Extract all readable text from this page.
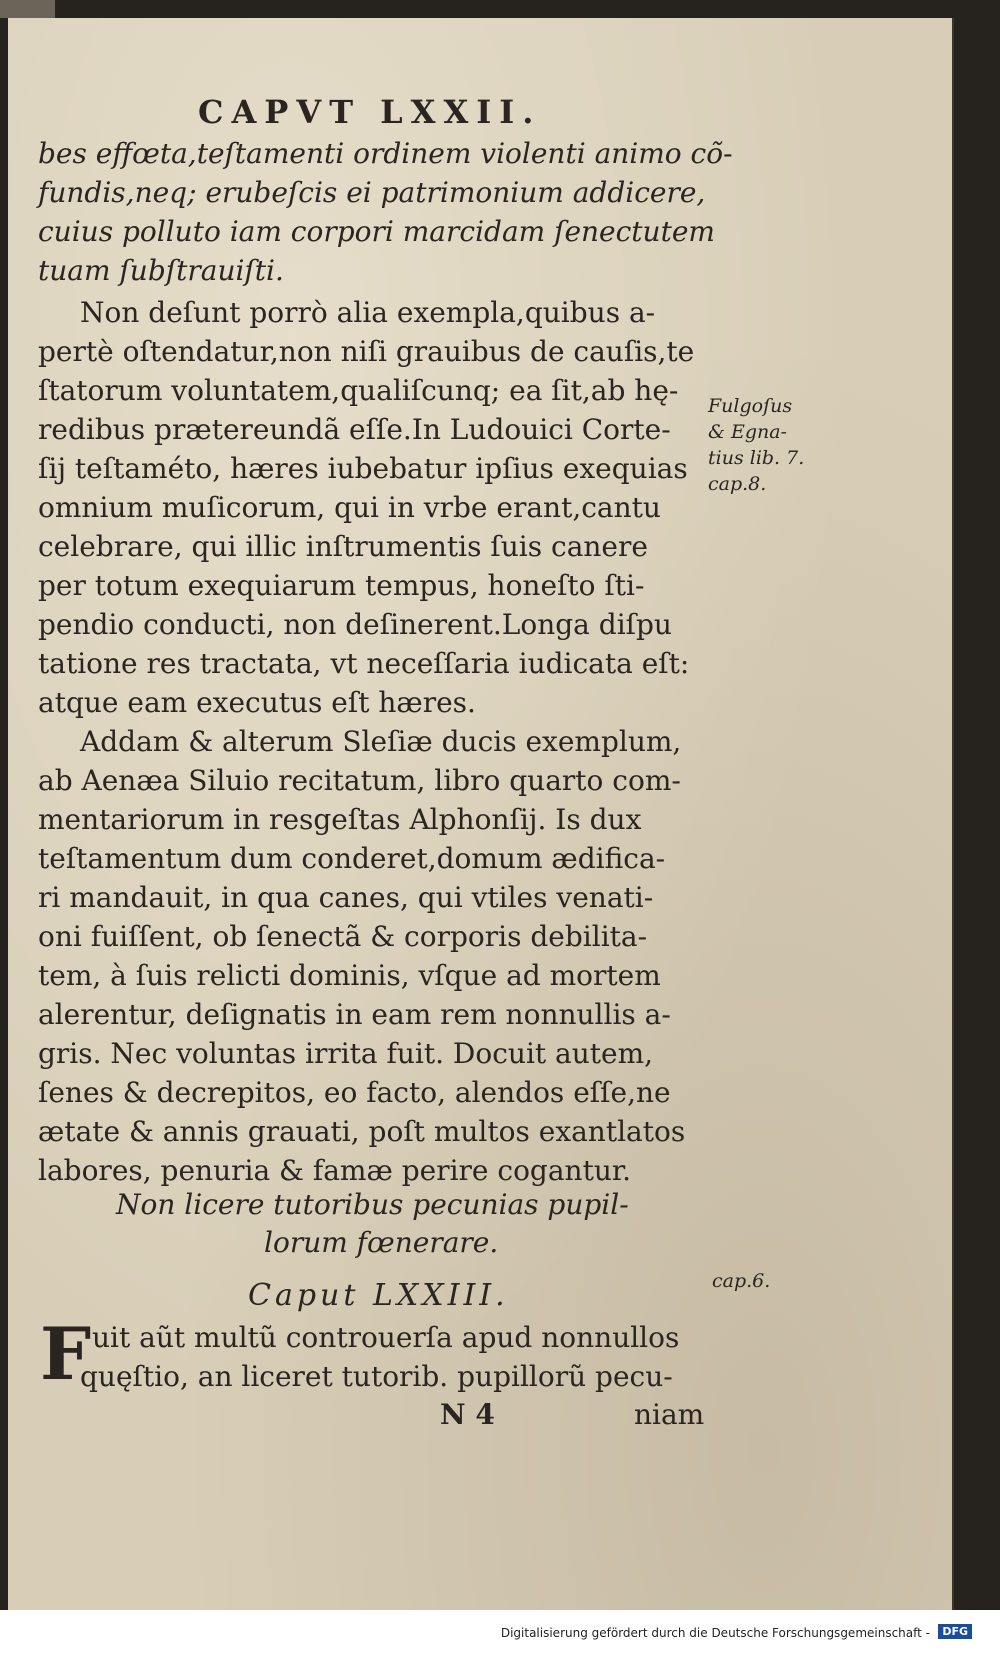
CAPVT LXXII.
bes effœta,teſtamenti ordinem violenti animo cõ-
fundis,neq; erubeſcis ei patrimonium addicere,
cuius polluto iam corpori marcidam ſenectutem
tuam ſubſtrauiſti.
Non deſunt porrò alia exempla,quibus a-
pertè oſtendatur,non niſi grauibus de cauſis,te
ſtatorum voluntatem,qualiſcunq; ea ſit,ab hę-
redibus prætereundã eſſe.In Ludouici Corte-
ſij teſtaméto, hæres iubebatur ipſius exequias
omnium muſicorum, qui in vrbe erant,cantu
celebrare, qui illic inſtrumentis ſuis canere
per totum exequiarum tempus, honeſto ſti-
pendio conducti, non deſinerent.Longa diſpu
tatione res tractata, vt neceſſaria iudicata eſt:
atque eam executus eſt hæres.
Addam & alterum Sleſiæ ducis exemplum,
ab Aenæa Siluio recitatum, libro quarto com-
mentariorum in resgeſtas Alphonſij. Is dux
teſtamentum dum conderet,domum ædifica-
ri mandauit, in qua canes, qui vtiles venati-
oni fuiſſent, ob ſenectã & corporis debilita-
tem, à ſuis relicti dominis, vſque ad mortem
alerentur, deſignatis in eam rem nonnullis a-
gris. Nec voluntas irrita fuit. Docuit autem,
ſenes & decrepitos, eo facto, alendos eſſe,ne
ætate & annis grauati, poſt multos exantlatos
labores, penuria & famæ perire cogantur.
Non licere tutoribus pecunias pupil-
lorum fœnerare.
Caput LXXIII.
F uit aũt multũ controuerſa apud nonnullos
quęſtio, an liceret tutorib. pupillorũ pecu-
N 4	niam
Fulgoſus
& Egna-
tius lib. 7.
cap.8.
cap.6.
Digitalisierung gefördert durch die Deutsche Forschungsgemeinschaft -	DFG
